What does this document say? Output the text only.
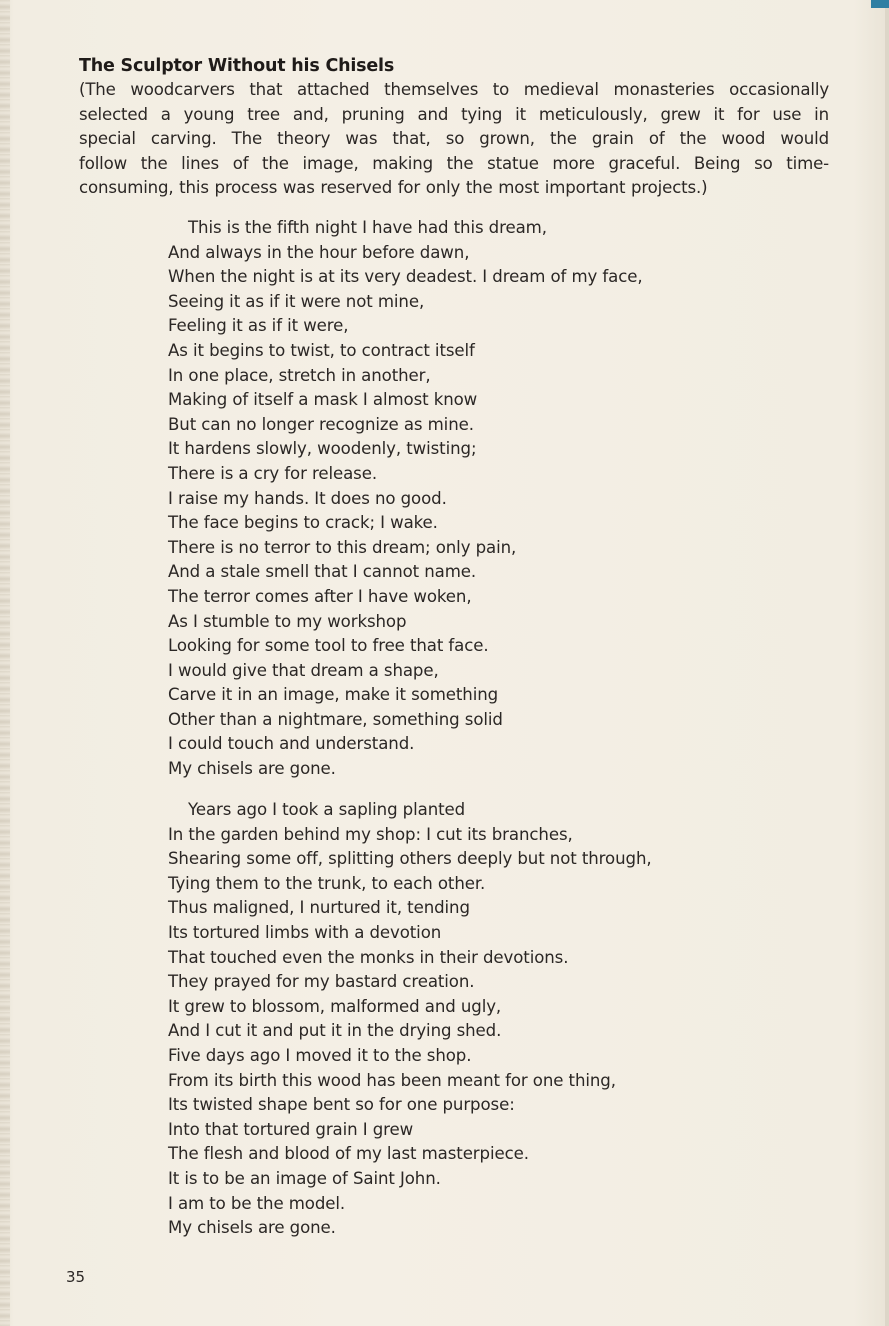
The Sculptor Without his Chisels

(The woodcarvers that attached themselves to medieval monasteries occasionally
selected a young tree and, pruning and tying it meticulously, grew it for use in
special carving. The theory was that, so grown, the grain of the wood would
follow the lines of the image, making the statue more graceful. Being so time-
consuming, this process was reserved for only the most important projects.)

This is the fifth night I have had this dream,
And always in the hour before dawn,
When the night is at its very deadest. I dream of my face,
Seeing it as if it were not mine,
Feeling it as if it were,
As it begins to twist, to contract itself
In one place, stretch in another,
Making of itself a mask I almost know
But can no longer recognize as mine.
It hardens slowly, woodenly, twisting;
There is a cry for release.
I raise my hands. It does no good.
The face begins to crack; I wake.
There is no terror to this dream; only pain,
And a stale smell that I cannot name.
The terror comes after I have woken,
As I stumble to my workshop
Looking for some tool to free that face.
I would give that dream a shape,
Carve it in an image, make it something
Other than a nightmare, something solid
I could touch and understand.
My chisels are gone.
Years ago I took a sapling planted
In the garden behind my shop: I cut its branches,
Shearing some off, splitting others deeply but not through,
Tying them to the trunk, to each other.
Thus maligned, I nurtured it, tending
Its tortured limbs with a devotion
That touched even the monks in their devotions.
They prayed for my bastard creation.
It grew to blossom, malformed and ugly,
And I cut it and put it in the drying shed.
Five days ago I moved it to the shop.
From its birth this wood has been meant for one thing,
Its twisted shape bent so for one purpose:
Into that tortured grain I grew
The flesh and blood of my last masterpiece.
It is to be an image of Saint John.
I am to be the model.
My chisels are gone.
35
